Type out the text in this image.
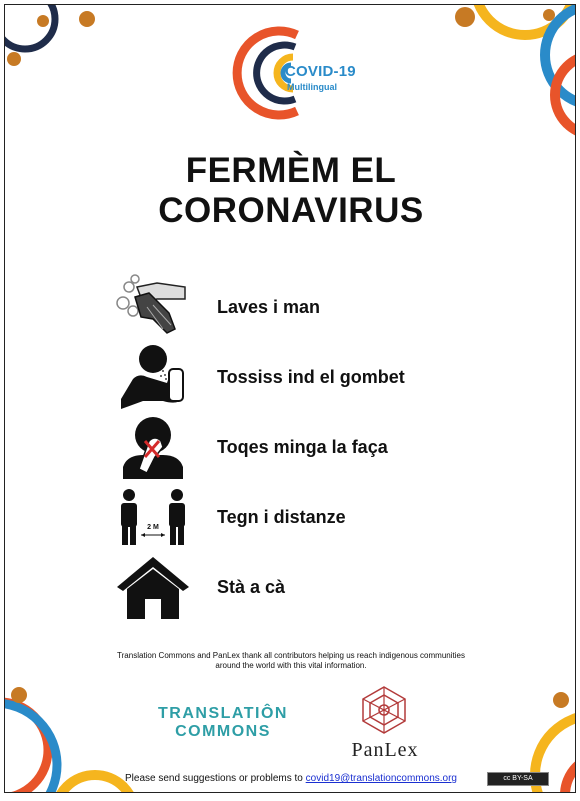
COVID-19
Multilingual
FERMÈM EL
CORONAVIRUS
Laves i man
Tossiss ind el gombet
Toqes minga la faça
2 M
Tegn i distanze
Stà a cà
Translation Commons and PanLex thank all contributors helping us reach indigenous communities around the world with this vital information.
TRANSLATIÔN
COMMONS
PanLex
Please send suggestions or problems to covid19@translationcommons.org	cc BY-SA
